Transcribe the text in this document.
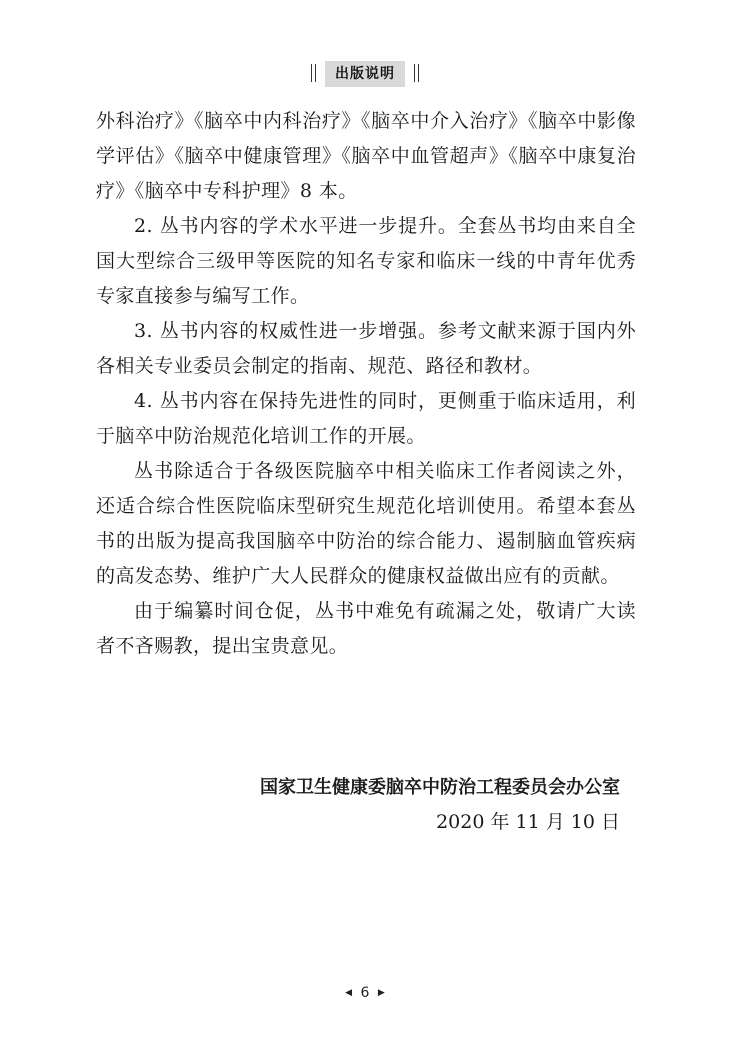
出版说明

外科治疗》《脑卒中内科治疗》《脑卒中介入治疗》《脑卒中影像学评估》《脑卒中健康管理》《脑卒中血管超声》《脑卒中康复治疗》《脑卒中专科护理》8 本。

2. 丛书内容的学术水平进一步提升。全套丛书均由来自全国大型综合三级甲等医院的知名专家和临床一线的中青年优秀专家直接参与编写工作。

3. 丛书内容的权威性进一步增强。参考文献来源于国内外各相关专业委员会制定的指南、规范、路径和教材。

4. 丛书内容在保持先进性的同时，更侧重于临床适用，利于脑卒中防治规范化培训工作的开展。

丛书除适合于各级医院脑卒中相关临床工作者阅读之外，还适合综合性医院临床型研究生规范化培训使用。希望本套丛书的出版为提高我国脑卒中防治的综合能力、遏制脑血管疾病的高发态势、维护广大人民群众的健康权益做出应有的贡献。

由于编纂时间仓促，丛书中难免有疏漏之处，敬请广大读者不吝赐教，提出宝贵意见。

国家卫生健康委脑卒中防治工程委员会办公室
2020 年 11 月 10 日
◀ 6 ▶
